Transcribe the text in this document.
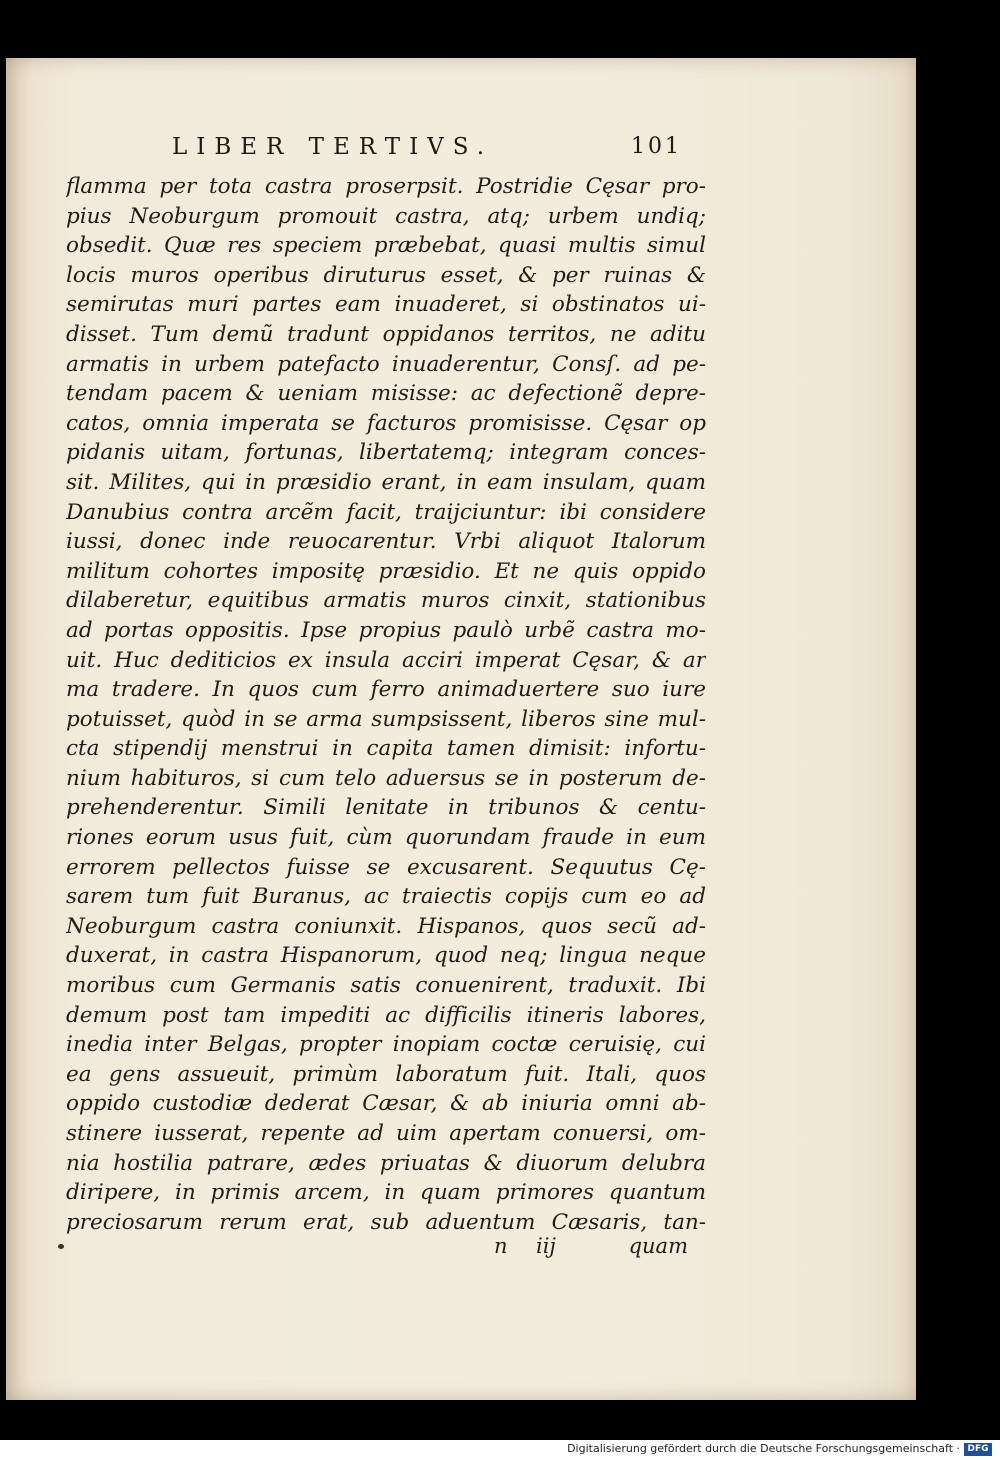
LIBER TERTIVS.	101
flamma per tota castra proserpsit. Postridie Cęsar pro-
pius Neoburgum promouit castra, atq; urbem undiq;
obsedit. Quæ res speciem præbebat, quasi multis simul
locis muros operibus diruturus esset, & per ruinas &
semirutas muri partes eam inuaderet, si obstinatos ui-
disset. Tum demũ tradunt oppidanos territos, ne aditu
armatis in urbem patefacto inuaderentur, Consſ. ad pe-
tendam pacem & ueniam misisse: ac defectionẽ depre-
catos, omnia imperata se facturos promisisse. Cęsar op
pidanis uitam, fortunas, libertatemq; integram conces-
sit. Milites, qui in præsidio erant, in eam insulam, quam
Danubius contra arcẽm facit, traijciuntur: ibi considere
iussi, donec inde reuocarentur. Vrbi aliquot Italorum
militum cohortes impositę præsidio. Et ne quis oppido
dilaberetur, equitibus armatis muros cinxit, stationibus
ad portas oppositis. Ipse propius paulò urbẽ castra mo-
uit. Huc dediticios ex insula acciri imperat Cęsar, & ar
ma tradere. In quos cum ferro animaduertere suo iure
potuisset, quòd in se arma sumpsissent, liberos sine mul-
cta stipendij menstrui in capita tamen dimisit: infortu-
nium habituros, si cum telo aduersus se in posterum de-
prehenderentur. Simili lenitate in tribunos & centu-
riones eorum usus fuit, cùm quorundam fraude in eum
errorem pellectos fuisse se excusarent. Sequutus Cę-
sarem tum fuit Buranus, ac traiectis copijs cum eo ad
Neoburgum castra coniunxit. Hispanos, quos secũ ad-
duxerat, in castra Hispanorum, quod neq; lingua neque
moribus cum Germanis satis conuenirent, traduxit. Ibi
demum post tam impediti ac difficilis itineris labores,
inedia inter Belgas, propter inopiam coctæ ceruisię, cui
ea gens assueuit, primùm laboratum fuit. Itali, quos
oppido custodiæ dederat Cæsar, & ab iniuria omni ab-
stinere iusserat, repente ad uim apertam conuersi, om-
nia hostilia patrare, ædes priuatas & diuorum delubra
diripere, in primis arcem, in quam primores quantum
preciosarum rerum erat, sub aduentum Cæsaris, tan-
n iij	quam
Digitalisierung gefördert durch die Deutsche Forschungsgemeinschaft · DFG
